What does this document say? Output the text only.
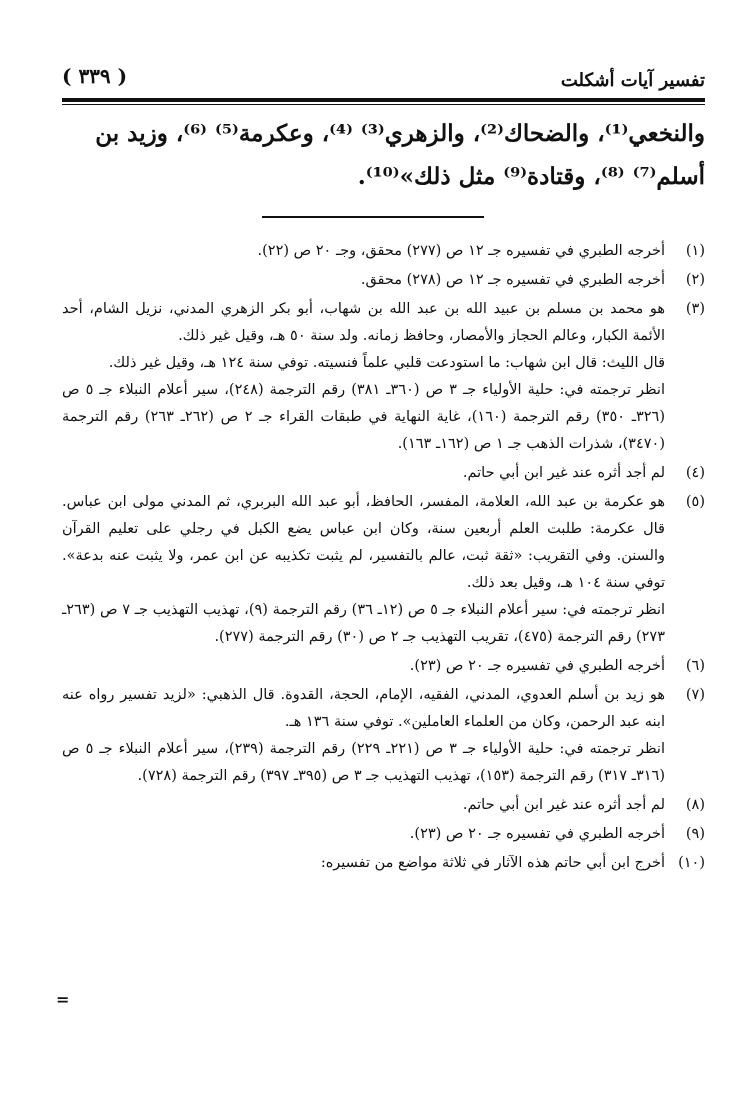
تفسير آيات أشكلت
( ٣٣٩ )

والنخعي⁽¹⁾، والضحاك⁽²⁾، والزهري⁽³⁾ ⁽⁴⁾، وعكرمة⁽⁵⁾ ⁽⁶⁾، وزيد بن

أسلم⁽⁷⁾ ⁽⁸⁾، وقتادة⁽⁹⁾ مثل ذلك»⁽¹⁰⁾.

(١)

أخرجه الطبري في تفسيره جـ ١٢ ص (٢٧٧) محقق، وجـ ٢٠ ص (٢٢).

(٢)

أخرجه الطبري في تفسيره جـ ١٢ ص (٢٧٨) محقق.

(٣)

هو محمد بن مسلم بن عبيد الله بن عبد الله بن شهاب، أبو بكر الزهري المدني، نزيل الشام، أحد الأئمة الكبار، وعالم الحجاز والأمصار، وحافظ زمانه. ولد سنة ٥٠ هـ، وقيل غير ذلك.

قال الليث: قال ابن شهاب: ما استودعت قلبي علماً فنسيته. توفي سنة ١٢٤ هـ، وقيل غير ذلك.

انظر ترجمته في: حلية الأولياء جـ ٣ ص (٣٦٠ـ ٣٨١) رقم الترجمة (٢٤٨)، سير أعلام النبلاء جـ ٥ ص (٣٢٦ـ ٣٥٠) رقم الترجمة (١٦٠)، غاية النهاية في طبقات القراء جـ ٢ ص (٢٦٢ـ ٢٦٣) رقم الترجمة (٣٤٧٠)، شذرات الذهب جـ ١ ص (١٦٢ـ ١٦٣).

(٤)

لم أجد أثره عند غير ابن أبي حاتم.

(٥)

هو عكرمة بن عبد الله، العلامة، المفسر، الحافظ، أبو عبد الله البربري، ثم المدني مولى ابن عباس. قال عكرمة: طلبت العلم أربعين سنة، وكان ابن عباس يضع الكبل في رجلي على تعليم القرآن والسنن. وفي التقريب: «ثقة ثبت، عالم بالتفسير، لم يثبت تكذيبه عن ابن عمر، ولا يثبت عنه بدعة». توفي سنة ١٠٤ هـ، وقيل بعد ذلك.

انظر ترجمته في: سير أعلام النبلاء جـ ٥ ص (١٢ـ ٣٦) رقم الترجمة (٩)، تهذيب التهذيب جـ ٧ ص (٢٦٣ـ ٢٧٣) رقم الترجمة (٤٧٥)، تقريب التهذيب جـ ٢ ص (٣٠) رقم الترجمة (٢٧٧).

(٦)

أخرجه الطبري في تفسيره جـ ٢٠ ص (٢٣).

(٧)

هو زيد بن أسلم العدوي، المدني، الفقيه، الإمام، الحجة، القدوة. قال الذهبي: «لزيد تفسير رواه عنه ابنه عبد الرحمن، وكان من العلماء العاملين». توفي سنة ١٣٦ هـ.

انظر ترجمته في: حلية الأولياء جـ ٣ ص (٢٢١ـ ٢٢٩) رقم الترجمة (٢٣٩)، سير أعلام النبلاء جـ ٥ ص (٣١٦ـ ٣١٧) رقم الترجمة (١٥٣)، تهذيب التهذيب جـ ٣ ص (٣٩٥ـ ٣٩٧) رقم الترجمة (٧٢٨).

(٨)

لم أجد أثره عند غير ابن أبي حاتم.

(٩)

أخرجه الطبري في تفسيره جـ ٢٠ ص (٢٣).

(١٠)

أخرج ابن أبي حاتم هذه الآثار في ثلاثة مواضع من تفسيره:

=
